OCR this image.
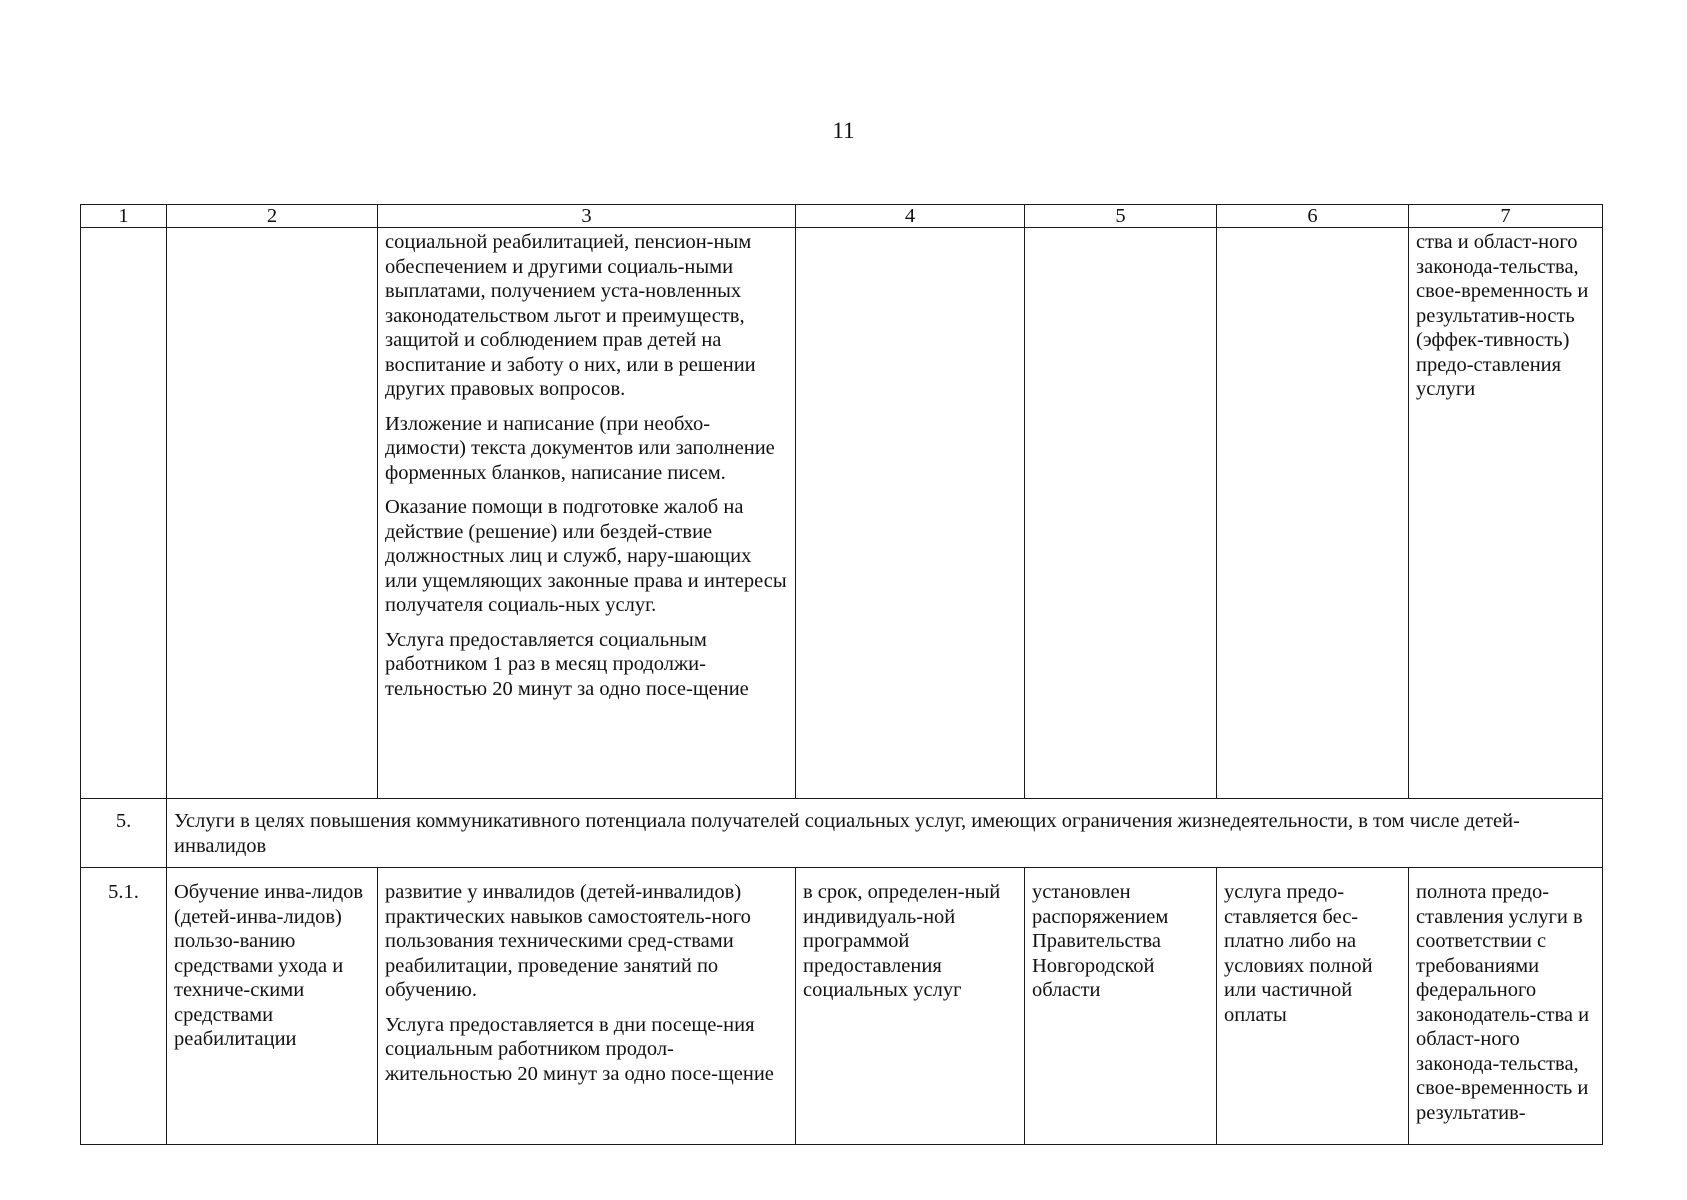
11
1	2	3	4	5	6	7

		социальной реабилитацией, пенсион-ным обеспечением и другими социаль-ными выплатами, получением уста-новленных законодательством льгот и преимуществ, защитой и соблюдением прав детей на воспитание и заботу о них, или в решении других правовых вопросов.

Изложение и написание (при необхо-димости) текста документов или заполнение форменных бланков, написание писем.

Оказание помощи в подготовке жалоб на действие (решение) или бездей-ствие должностных лиц и служб, нару-шающих или ущемляющих законные права и интересы получателя социаль-ных услуг.

Услуга предоставляется социальным работником 1 раз в месяц продолжи-тельностью 20 минут за одно посе-щение				ства и област-ного законода-тельства, свое-временность и результатив-ность (эффек-тивность) предо-ставления услуги
5.	Услуги в целях повышения коммуникативного потенциала получателей социальных услуг, имеющих ограничения жизнедеятельности, в том числе детей-инвалидов					
5.1.	Обучение инва-лидов (детей-инва-лидов) пользо-ванию средствами ухода и техниче-скими средствами реабилитации	развитие у инвалидов (детей-инвалидов) практических навыков самостоятель-ного пользования техническими сред-ствами реабилитации, проведение занятий по обучению.

Услуга предоставляется в дни посеще-ния социальным работником продол-жительностью 20 минут за одно посе-щение	в срок, определен-ный индивидуаль-ной программой предоставления социальных услуг	установлен распоряжением Правительства Новгородской области	услуга предо-ставляется бес-платно либо на условиях полной или частичной оплаты	полнота предо-ставления услуги в соответствии с требованиями федерального законодатель-ства и област-ного законода-тельства, свое-временность и результатив-
